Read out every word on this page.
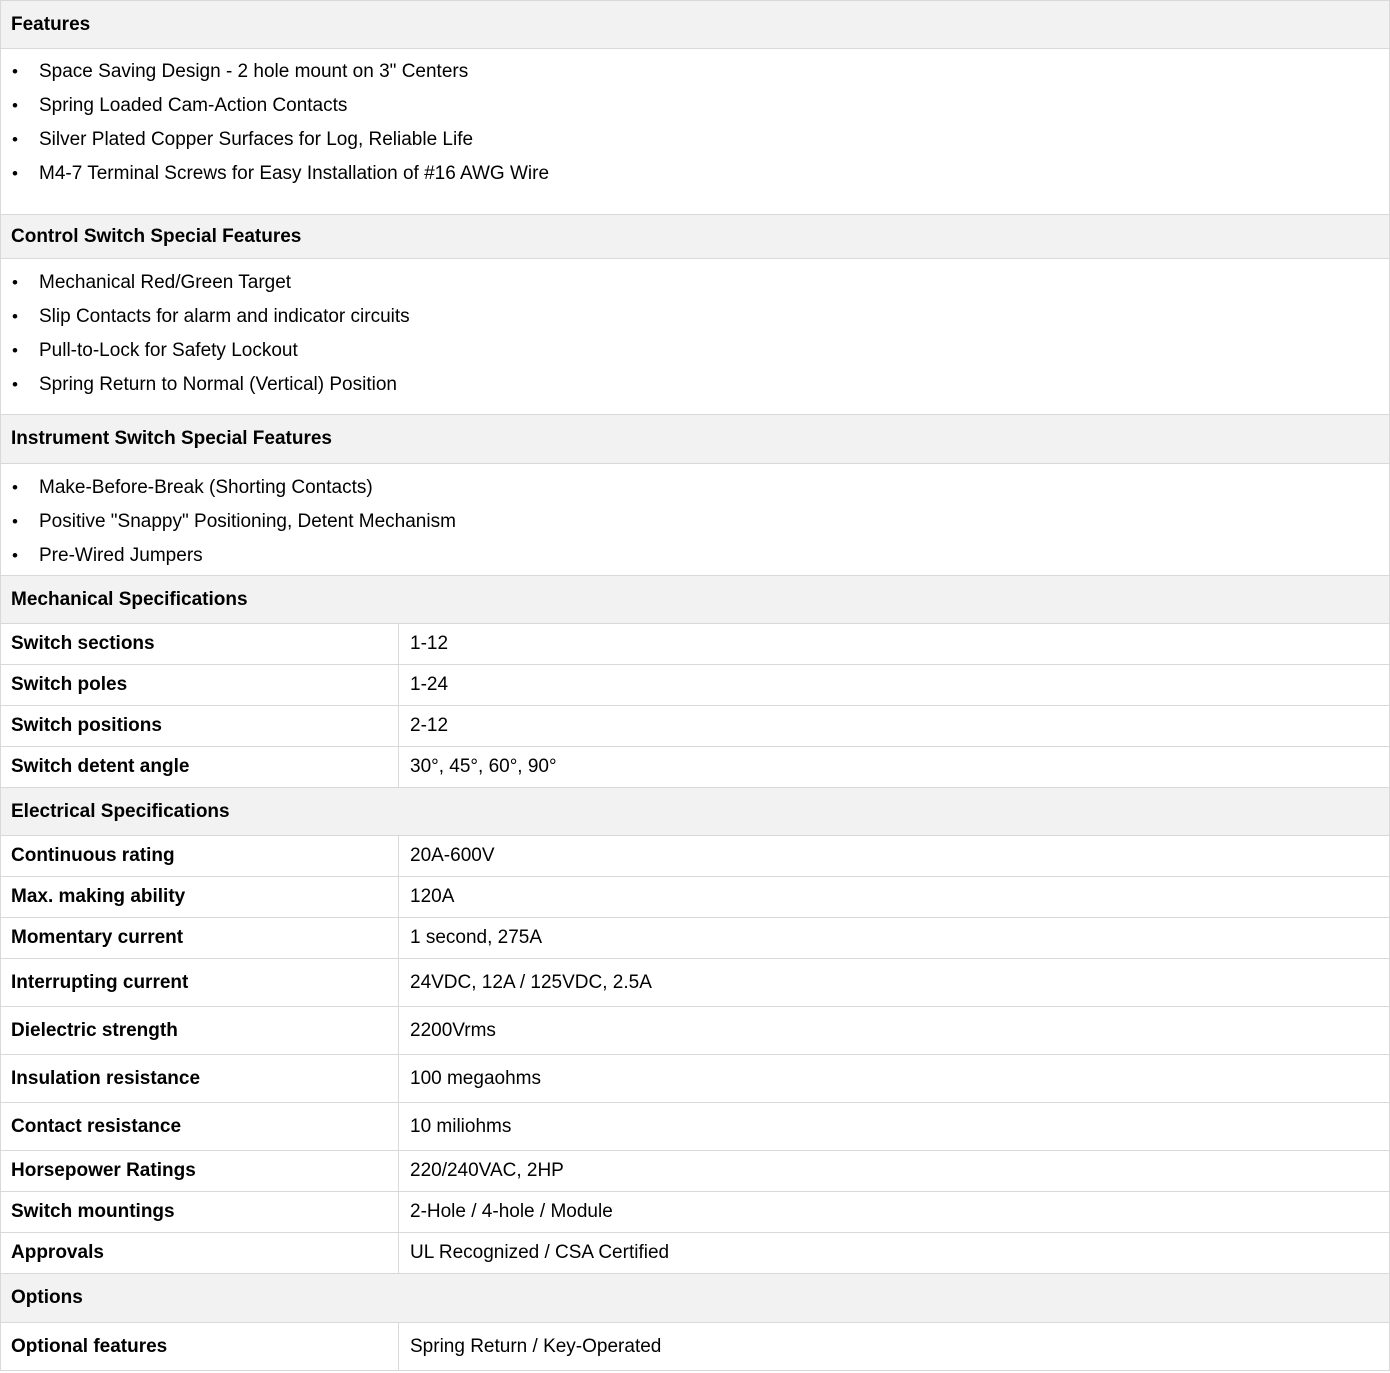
Features
•	Space Saving Design - 2 hole mount on 3" Centers
•	Spring Loaded Cam-Action Contacts
•	Silver Plated Copper Surfaces for Log, Reliable Life
•	M4-7 Terminal Screws for Easy Installation of #16 AWG Wire
Control Switch Special Features
•	Mechanical Red/Green Target
•	Slip Contacts for alarm and indicator circuits
•	Pull-to-Lock for Safety Lockout
•	Spring Return to Normal (Vertical) Position
Instrument Switch Special Features
•	Make-Before-Break (Shorting Contacts)
•	Positive "Snappy" Positioning, Detent Mechanism
•	Pre-Wired Jumpers
Mechanical Specifications
Switch sections	1-12
Switch poles	1-24
Switch positions	2-12
Switch detent angle	30°, 45°, 60°, 90°
Electrical Specifications
Continuous rating	20A-600V
Max. making ability	120A
Momentary current	1 second, 275A
Interrupting current	24VDC, 12A / 125VDC, 2.5A
Dielectric strength	2200Vrms
Insulation resistance	100 megaohms
Contact resistance	10 miliohms
Horsepower Ratings	220/240VAC, 2HP
Switch mountings	2-Hole / 4-hole / Module
Approvals	UL Recognized / CSA Certified
Options
Optional features	Spring Return / Key-Operated
